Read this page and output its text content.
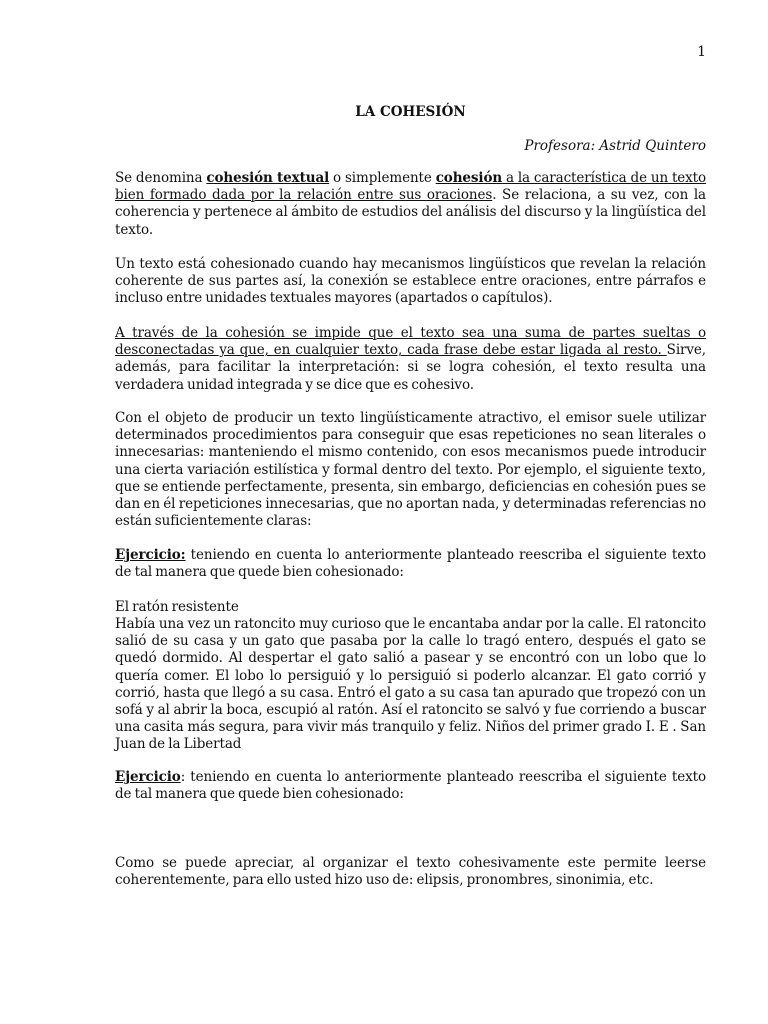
1
LA COHESIÓN
Profesora: Astrid Quintero

Se denomina cohesión textual o simplemente cohesión a la característica de un texto bien formado dada por la relación entre sus oraciones. Se relaciona, a su vez, con la coherencia y pertenece al ámbito de estudios del análisis del discurso y la lingüística del texto.

Un texto está cohesionado cuando hay mecanismos lingüísticos que revelan la relación coherente de sus partes así, la conexión se establece entre oraciones, entre párrafos e incluso entre unidades textuales mayores (apartados o capítulos).

A través de la cohesión se impide que el texto sea una suma de partes sueltas o desconectadas ya que, en cualquier texto, cada frase debe estar ligada al resto. Sirve, además, para facilitar la interpretación: si se logra cohesión, el texto resulta una verdadera unidad integrada y se dice que es cohesivo.

Con el objeto de producir un texto lingüísticamente atractivo, el emisor suele utilizar determinados procedimientos para conseguir que esas repeticiones no sean literales o innecesarias: manteniendo el mismo contenido, con esos mecanismos puede introducir una cierta variación estilística y formal dentro del texto. Por ejemplo, el siguiente texto, que se entiende perfectamente, presenta, sin embargo, deficiencias en cohesión pues se dan en él repeticiones innecesarias, que no aportan nada, y determinadas referencias no están suficientemente claras:

Ejercicio: teniendo en cuenta lo anteriormente planteado reescriba el siguiente texto de tal manera que quede bien cohesionado:

El ratón resistente

Había una vez un ratoncito muy curioso que le encantaba andar por la calle. El ratoncito salió de su casa y un gato que pasaba por la calle lo tragó entero, después el gato se quedó dormido. Al despertar el gato salió a pasear y se encontró con un lobo que lo quería comer. El lobo lo persiguió y lo persiguió si poderlo alcanzar. El gato corrió y corrió, hasta que llegó a su casa. Entró el gato a su casa tan apurado que tropezó con un sofá y al abrir la boca, escupió al ratón. Así el ratoncito se salvó y fue corriendo a buscar una casita más segura, para vivir más tranquilo y feliz. Niños del primer grado I. E . San Juan de la Libertad

Ejercicio: teniendo en cuenta lo anteriormente planteado reescriba el siguiente texto de tal manera que quede bien cohesionado:

Como se puede apreciar, al organizar el texto cohesivamente este permite leerse coherentemente, para ello usted hizo uso de: elipsis, pronombres, sinonimia, etc.
